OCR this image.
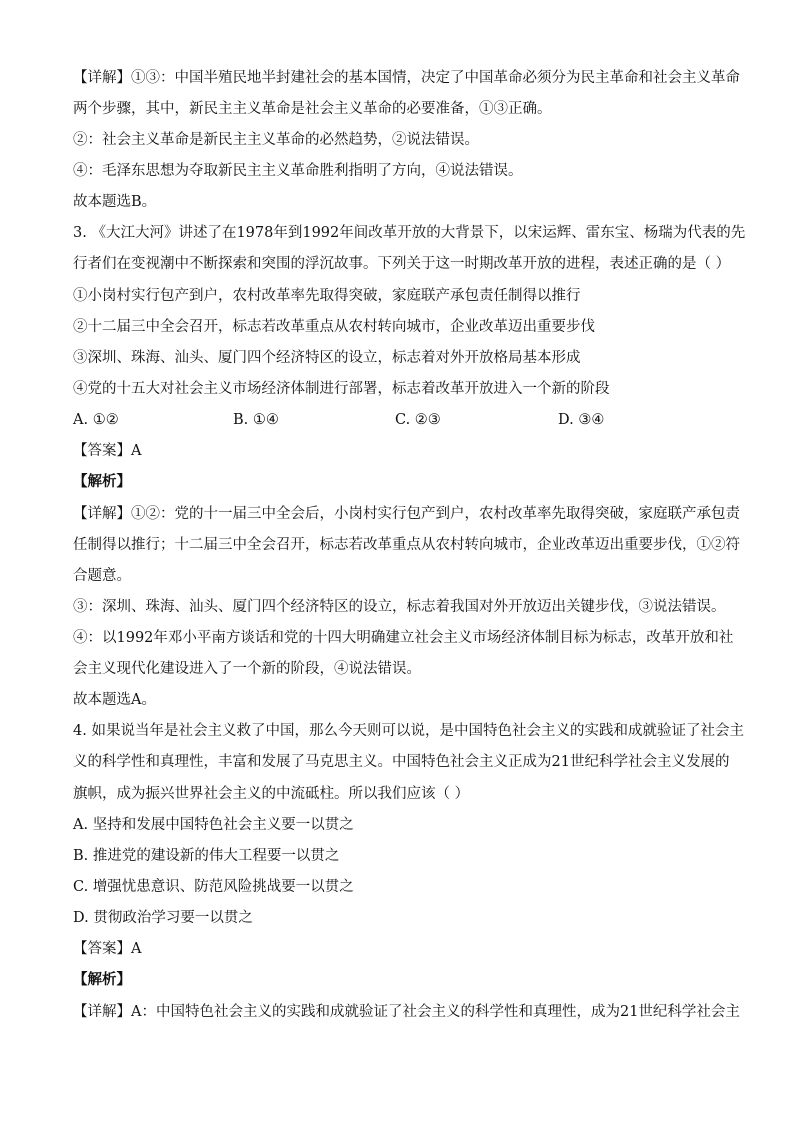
【详解】①③：中国半殖民地半封建社会的基本国情，决定了中国革命必须分为民主革命和社会主义革命
两个步骤，其中，新民主主义革命是社会主义革命的必要准备，①③正确。
②：社会主义革命是新民主主义革命的必然趋势，②说法错误。
④：毛泽东思想为夺取新民主主义革命胜利指明了方向，④说法错误。
故本题选B。
3. 《大江大河》讲述了在1978年到1992年间改革开放的大背景下，以宋运辉、雷东宝、杨瑞为代表的先
行者们在变视潮中不断探索和突围的浮沉故事。下列关于这一时期改革开放的进程，表述正确的是（ ）
①小岗村实行包产到户，农村改革率先取得突破，家庭联产承包责任制得以推行
②十二届三中全会召开，标志若改革重点从农村转向城市，企业改革迈出重要步伐
③深圳、珠海、汕头、厦门四个经济特区的设立，标志着对外开放格局基本形成
④党的十五大对社会主义市场经济体制进行部署，标志着改革开放进入一个新的阶段
A. ①②	B. ①④	C. ②③	D. ③④
【答案】A
【解析】
【详解】①②：党的十一届三中全会后，小岗村实行包产到户，农村改革率先取得突破，家庭联产承包责
任制得以推行；十二届三中全会召开，标志若改革重点从农村转向城市，企业改革迈出重要步伐，①②符
合题意。
③：深圳、珠海、汕头、厦门四个经济特区的设立，标志着我国对外开放迈出关键步伐，③说法错误。
④：以1992年邓小平南方谈话和党的十四大明确建立社会主义市场经济体制目标为标志，改革开放和社
会主义现代化建设进入了一个新的阶段，④说法错误。
故本题选A。
4. 如果说当年是社会主义救了中国，那么今天则可以说，是中国特色社会主义的实践和成就验证了社会主
义的科学性和真理性，丰富和发展了马克思主义。中国特色社会主义正成为21世纪科学社会主义发展的
旗帜，成为振兴世界社会主义的中流砥柱。所以我们应该（ ）
A. 坚持和发展中国特色社会主义要一以贯之
B. 推进党的建设新的伟大工程要一以贯之
C. 增强忧患意识、防范风险挑战要一以贯之
D. 贯彻政治学习要一以贯之
【答案】A
【解析】
【详解】A：中国特色社会主义的实践和成就验证了社会主义的科学性和真理性，成为21世纪科学社会主
